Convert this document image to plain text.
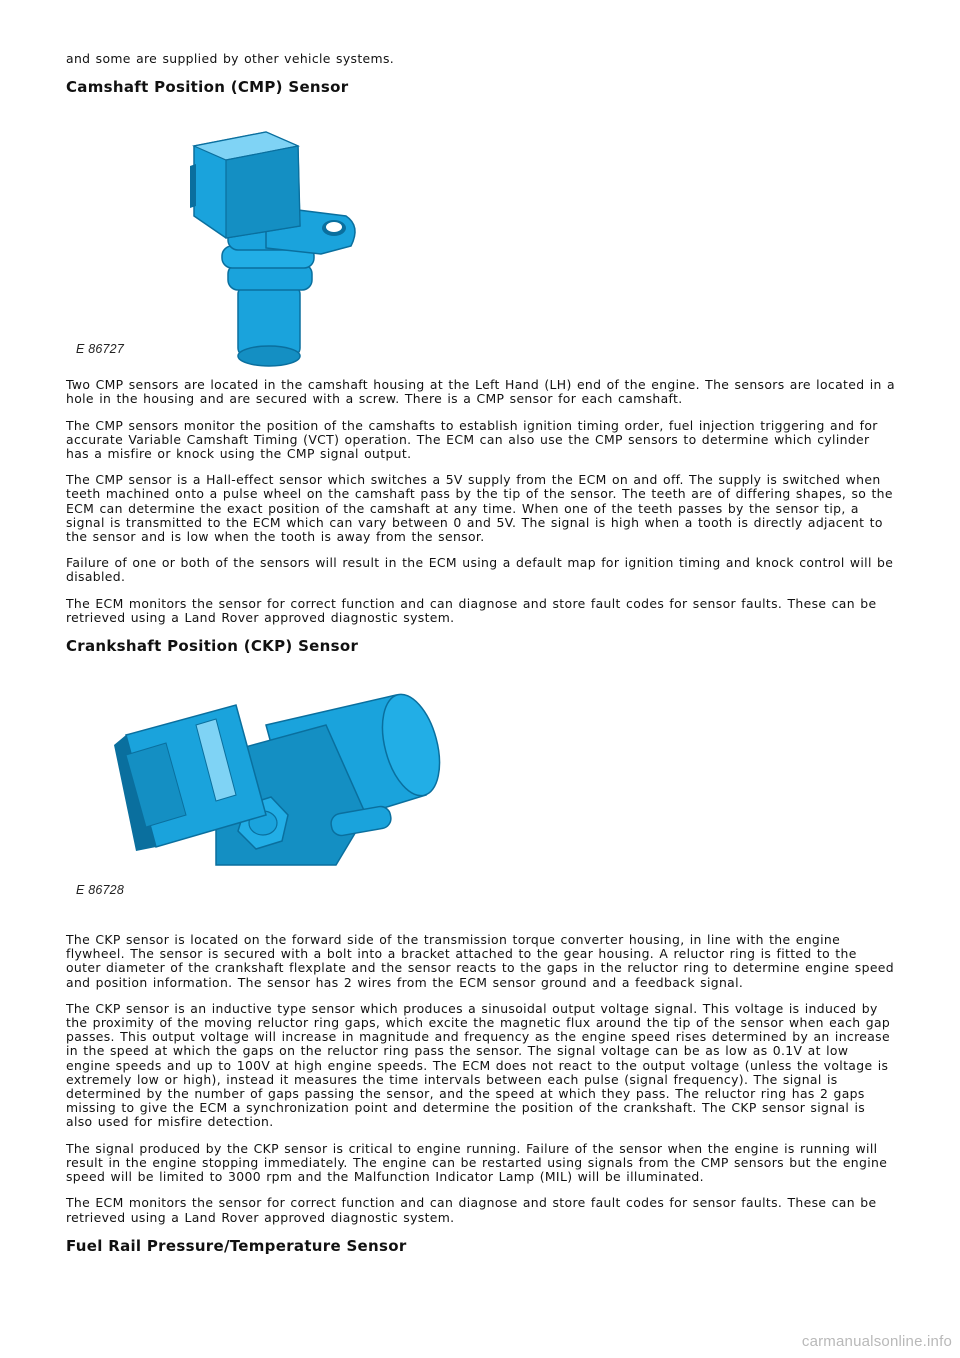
and some are supplied by other vehicle systems.

Camshaft Position (CMP) Sensor
E 86727

Two CMP sensors are located in the camshaft housing at the Left Hand (LH) end of the engine. The sensors are located in a hole in the housing and are secured with a screw. There is a CMP sensor for each camshaft.

The CMP sensors monitor the position of the camshafts to establish ignition timing order, fuel injection triggering and for accurate Variable Camshaft Timing (VCT) operation. The ECM can also use the CMP sensors to determine which cylinder has a misfire or knock using the CMP signal output.

The CMP sensor is a Hall-effect sensor which switches a 5V supply from the ECM on and off. The supply is switched when teeth machined onto a pulse wheel on the camshaft pass by the tip of the sensor. The teeth are of differing shapes, so the ECM can determine the exact position of the camshaft at any time. When one of the teeth passes by the sensor tip, a signal is transmitted to the ECM which can vary between 0 and 5V. The signal is high when a tooth is directly adjacent to the sensor and is low when the tooth is away from the sensor.

Failure of one or both of the sensors will result in the ECM using a default map for ignition timing and knock control will be disabled.

The ECM monitors the sensor for correct function and can diagnose and store fault codes for sensor faults. These can be retrieved using a Land Rover approved diagnostic system.

Crankshaft Position (CKP) Sensor
E 86728

The CKP sensor is located on the forward side of the transmission torque converter housing, in line with the engine flywheel. The sensor is secured with a bolt into a bracket attached to the gear housing. A reluctor ring is fitted to the outer diameter of the crankshaft flexplate and the sensor reacts to the gaps in the reluctor ring to determine engine speed and position information. The sensor has 2 wires from the ECM sensor ground and a feedback signal.

The CKP sensor is an inductive type sensor which produces a sinusoidal output voltage signal. This voltage is induced by the proximity of the moving reluctor ring gaps, which excite the magnetic flux around the tip of the sensor when each gap passes. This output voltage will increase in magnitude and frequency as the engine speed rises determined by an increase in the speed at which the gaps on the reluctor ring pass the sensor. The signal voltage can be as low as 0.1V at low engine speeds and up to 100V at high engine speeds. The ECM does not react to the output voltage (unless the voltage is extremely low or high), instead it measures the time intervals between each pulse (signal frequency). The signal is determined by the number of gaps passing the sensor, and the speed at which they pass. The reluctor ring has 2 gaps missing to give the ECM a synchronization point and determine the position of the crankshaft. The CKP sensor signal is also used for misfire detection.

The signal produced by the CKP sensor is critical to engine running. Failure of the sensor when the engine is running will result in the engine stopping immediately. The engine can be restarted using signals from the CMP sensors but the engine speed will be limited to 3000 rpm and the Malfunction Indicator Lamp (MIL) will be illuminated.

The ECM monitors the sensor for correct function and can diagnose and store fault codes for sensor faults. These can be retrieved using a Land Rover approved diagnostic system.

Fuel Rail Pressure/Temperature Sensor
carmanualsonline.info
